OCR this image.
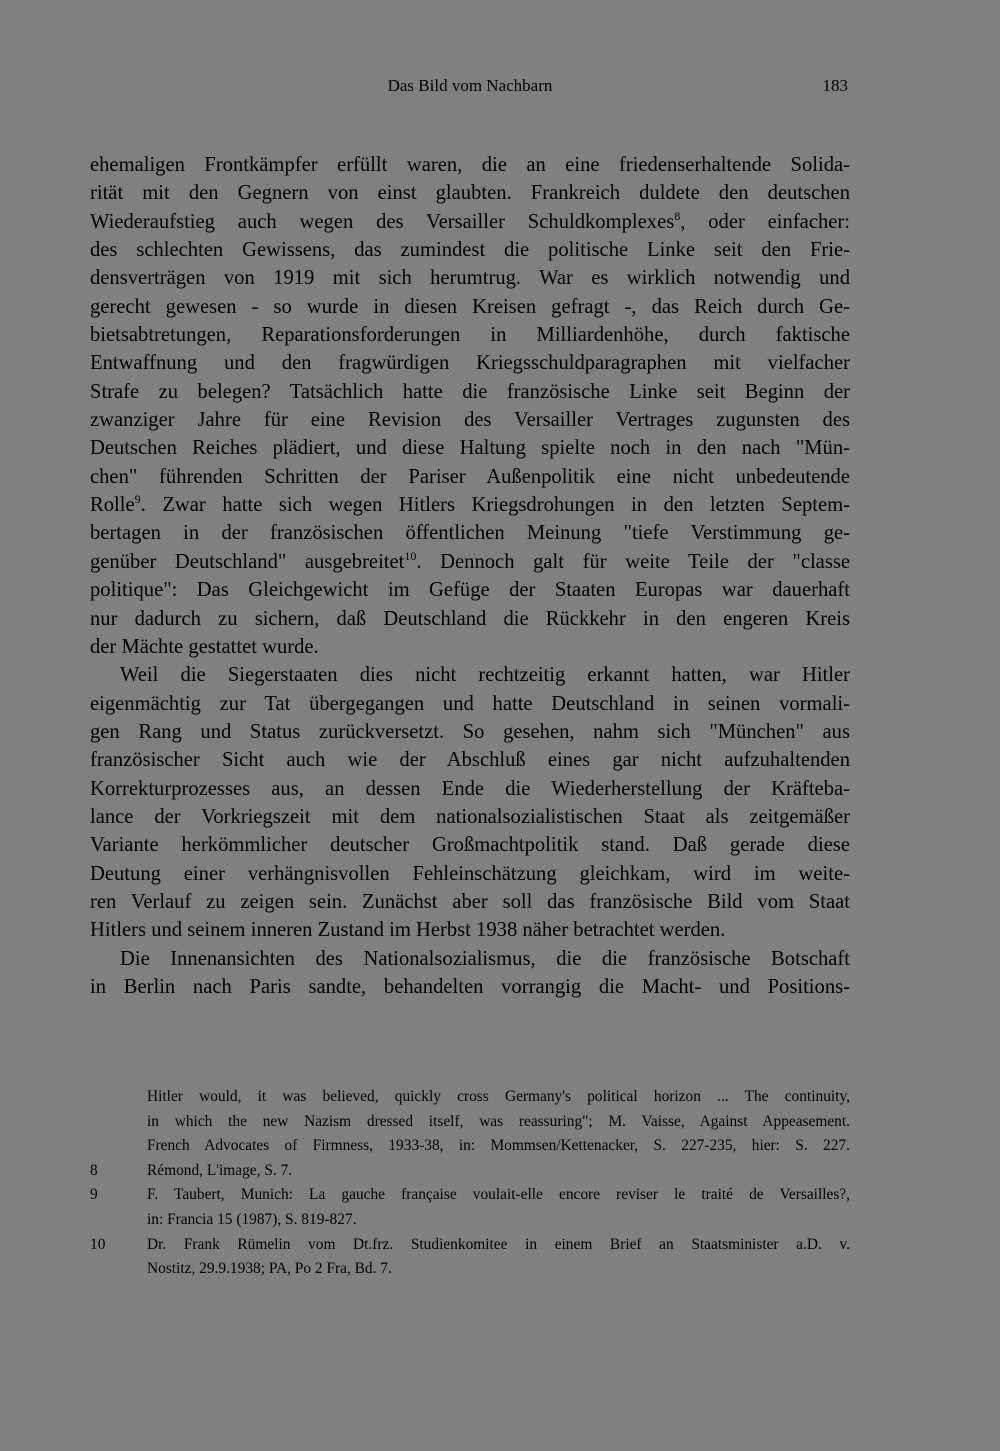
Das Bild vom Nachbarn	183
ehemaligen Frontkämpfer erfüllt waren, die an eine friedenserhaltende Solida-
rität mit den Gegnern von einst glaubten. Frankreich duldete den deutschen
Wiederaufstieg auch wegen des Versailler Schuldkomplexes$^8$, oder einfacher:
des schlechten Gewissens, das zumindest die politische Linke seit den Frie-
densverträgen von 1919 mit sich herumtrug. War es wirklich notwendig und
gerecht gewesen - so wurde in diesen Kreisen gefragt -, das Reich durch Ge-
bietsabtretungen, Reparationsforderungen in Milliardenhöhe, durch faktische
Entwaffnung und den fragwürdigen Kriegsschuldparagraphen mit vielfacher
Strafe zu belegen? Tatsächlich hatte die französische Linke seit Beginn der
zwanziger Jahre für eine Revision des Versailler Vertrages zugunsten des
Deutschen Reiches plädiert, und diese Haltung spielte noch in den nach "Mün-
chen" führenden Schritten der Pariser Außenpolitik eine nicht unbedeutende
Rolle$^9$. Zwar hatte sich wegen Hitlers Kriegsdrohungen in den letzten Septem-
bertagen in der französischen öffentlichen Meinung "tiefe Verstimmung ge-
genüber Deutschland" ausgebreitet$^{10}$. Dennoch galt für weite Teile der "classe
politique": Das Gleichgewicht im Gefüge der Staaten Europas war dauerhaft
nur dadurch zu sichern, daß Deutschland die Rückkehr in den engeren Kreis
der Mächte gestattet wurde.
Weil die Siegerstaaten dies nicht rechtzeitig erkannt hatten, war Hitler
eigenmächtig zur Tat übergegangen und hatte Deutschland in seinen vormali-
gen Rang und Status zurückversetzt. So gesehen, nahm sich "München" aus
französischer Sicht auch wie der Abschluß eines gar nicht aufzuhaltenden
Korrekturprozesses aus, an dessen Ende die Wiederherstellung der Kräfteba-
lance der Vorkriegszeit mit dem nationalsozialistischen Staat als zeitgemäßer
Variante herkömmlicher deutscher Großmachtpolitik stand. Daß gerade diese
Deutung einer verhängnisvollen Fehleinschätzung gleichkam, wird im weite-
ren Verlauf zu zeigen sein. Zunächst aber soll das französische Bild vom Staat
Hitlers und seinem inneren Zustand im Herbst 1938 näher betrachtet werden.
Die Innenansichten des Nationalsozialismus, die die französische Botschaft
in Berlin nach Paris sandte, behandelten vorrangig die Macht- und Positions-
Hitler would, it was believed, quickly cross Germany's political horizon ... The continuity,
in which the new Nazism dressed itself, was reassuring"; M. Vaisse, Against Appeasement.
French Advocates of Firmness, 1933-38, in: Mommsen/Kettenacker, S. 227-235, hier: S. 227.
8	Rémond, L'image, S. 7.
9	F. Taubert, Munich: La gauche française voulait-elle encore reviser le traité de Versailles?,
in: Francia 15 (1987), S. 819-827.
10	Dr. Frank Rümelin vom Dt.frz. Studienkomitee in einem Brief an Staatsminister a.D. v.
Nostitz, 29.9.1938; PA, Po 2 Fra, Bd. 7.
